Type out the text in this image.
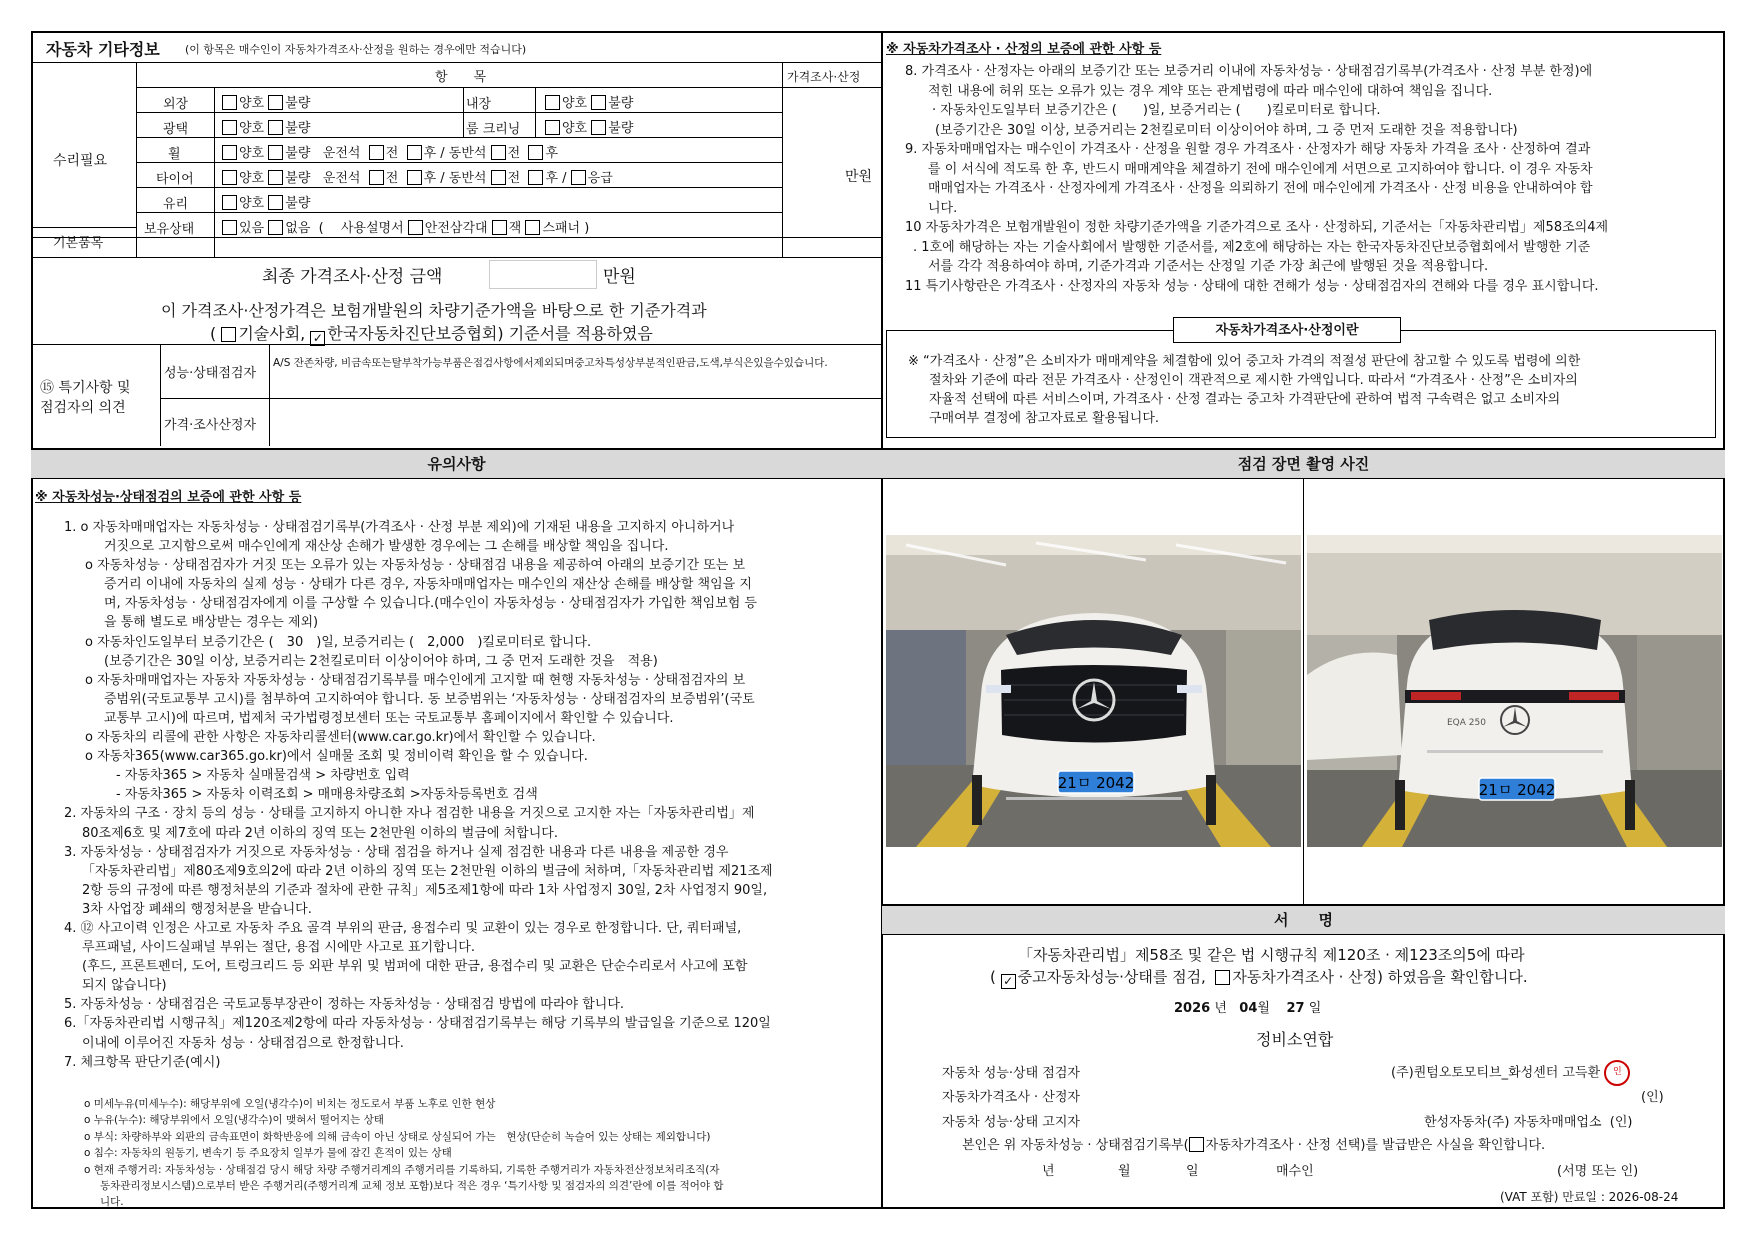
자동차 기타정보 (이 항목은 매수인이 자동차가격조사·산정을 원하는 경우에만 적습니다)
항　　목	가격조사·산정
수리필요
기본품목
외장	양호 불량	내장	양호 불량
광택	양호 불량	룸 크리닝	양호 불량
휠	양호 불량 운전석 전 후 / 동반석 전 후
타이어	양호 불량 운전석 전 후 / 동반석 전 후 / 응급	만원
유리	양호 불량
보유상태	있음 없음 ( 　사용설명서 안전삼각대 잭 스패너 )
최종 가격조사·산정 금액	만원
이 가격조사·산정가격은 보험개발원의 차량기준가액을 바탕으로 한 기준가격과
( 기술사회, ✓ 한국자동차진단보증협회) 기준서를 적용하였음
⑮ 특기사항 및
점검자의 의견
성능·상태점검자
A/S 잔존차량, 비금속또는탈부착가능부품은점검사항에서제외되며중고차특성상부분적인판금,도색,부식은있을수있습니다.
가격·조사산정자
※ 자동차가격조사 · 산정의 보증에 관한 사항 등
8. 가격조사 · 산정자는 아래의 보증기간 또는 보증거리 이내에 자동차성능 · 상태점검기록부(가격조사 · 산정 부분 한정)에
적힌 내용에 허위 또는 오류가 있는 경우 계약 또는 관계법령에 따라 매수인에 대하여 책임을 집니다.
· 자동차인도일부터 보증기간은 (　　)일, 보증거리는 (　　)킬로미터로 합니다.
(보증기간은 30일 이상, 보증거리는 2천킬로미터 이상이어야 하며, 그 중 먼저 도래한 것을 적용합니다)
9. 자동차매매업자는 매수인이 가격조사 · 산정을 원할 경우 가격조사 · 산정자가 해당 자동차 가격을 조사 · 산정하여 결과
를 이 서식에 적도록 한 후, 반드시 매매계약을 체결하기 전에 매수인에게 서면으로 고지하여야 합니다. 이 경우 자동차
매매업자는 가격조사 · 산정자에게 가격조사 · 산정을 의뢰하기 전에 매수인에게 가격조사 · 산정 비용을 안내하여야 합
니다.
10 자동차가격은 보험개발원이 정한 차량기준가액을 기준가격으로 조사 · 산정하되, 기준서는「자동차관리법」제58조의4제
. 1호에 해당하는 자는 기술사회에서 발행한 기준서를, 제2호에 해당하는 자는 한국자동차진단보증협회에서 발행한 기준
서를 각각 적용하여야 하며, 기준가격과 기준서는 산정일 기준 가장 최근에 발행된 것을 적용합니다.
11 특기사항란은 가격조사 · 산정자의 자동차 성능 · 상태에 대한 견해가 성능 · 상태점검자의 견해와 다를 경우 표시합니다.
자동차가격조사·산정이란
※ “가격조사 · 산정”은 소비자가 매매계약을 체결함에 있어 중고차 가격의 적절성 판단에 참고할 수 있도록 법령에 의한
절차와 기준에 따라 전문 가격조사 · 산정인이 객관적으로 제시한 가액입니다. 따라서 “가격조사 · 산정”은 소비자의
자율적 선택에 따른 서비스이며, 가격조사 · 산정 결과는 중고차 가격판단에 관하여 법적 구속력은 없고 소비자의
구매여부 결정에 참고자료로 활용됩니다.
유의사항
※ 자동차성능·상태점검의 보증에 관한 사항 등
1. ο 자동차매매업자는 자동차성능 · 상태점검기록부(가격조사 · 산정 부분 제외)에 기재된 내용을 고지하지 아니하거나
거짓으로 고지함으로써 매수인에게 재산상 손해가 발생한 경우에는 그 손해를 배상할 책임을 집니다.
ο 자동차성능 · 상태점검자가 거짓 또는 오류가 있는 자동차성능 · 상태점검 내용을 제공하여 아래의 보증기간 또는 보
증거리 이내에 자동차의 실제 성능 · 상태가 다른 경우, 자동차매매업자는 매수인의 재산상 손해를 배상할 책임을 지
며, 자동차성능 · 상태점검자에게 이를 구상할 수 있습니다.(매수인이 자동차성능 · 상태점검자가 가입한 책임보험 등
을 통해 별도로 배상받는 경우는 제외)
ο 자동차인도일부터 보증기간은 (　30　)일, 보증거리는 (　2,000　)킬로미터로 합니다.
(보증기간은 30일 이상, 보증거리는 2천킬로미터 이상이어야 하며, 그 중 먼저 도래한 것을　적용)
ο 자동차매매업자는 자동차 자동차성능 · 상태점검기록부를 매수인에게 고지할 때 현행 자동차성능 · 상태점검자의 보
증범위(국토교통부 고시)를 첨부하여 고지하여야 합니다. 동 보증범위는 ‘자동차성능 · 상태점검자의 보증범위’(국토
교통부 고시)에 따르며, 법제처 국가법령정보센터 또는 국토교통부 홈페이지에서 확인할 수 있습니다.
ο 자동차의 리콜에 관한 사항은 자동차리콜센터(www.car.go.kr)에서 확인할 수 있습니다.
ο 자동차365(www.car365.go.kr)에서 실매물 조회 및 정비이력 확인을 할 수 있습니다.
- 자동차365 > 자동차 실매물검색 > 차량번호 입력
- 자동차365 > 자동차 이력조회 > 매매용차량조회 >자동차등록번호 검색
2. 자동차의 구조 · 장치 등의 성능 · 상태를 고지하지 아니한 자나 점검한 내용을 거짓으로 고지한 자는「자동차관리법」제
80조제6호 및 제7호에 따라 2년 이하의 징역 또는 2천만원 이하의 벌금에 처합니다.
3. 자동차성능 · 상태점검자가 거짓으로 자동차성능 · 상태 점검을 하거나 실제 점검한 내용과 다른 내용을 제공한 경우
「자동차관리법」제80조제9호의2에 따라 2년 이하의 징역 또는 2천만원 이하의 벌금에 처하며,「자동차관리법 제21조제
2항 등의 규정에 따른 행정처분의 기준과 절차에 관한 규칙」제5조제1항에 따라 1차 사업정지 30일, 2차 사업정지 90일,
3차 사업장 폐쇄의 행정처분을 받습니다.
4. ⑫ 사고이력 인정은 사고로 자동차 주요 골격 부위의 판금, 용접수리 및 교환이 있는 경우로 한정합니다. 단, 쿼터패널,
루프패널, 사이드실패널 부위는 절단, 용접 시에만 사고로 표기합니다.
(후드, 프론트펜더, 도어, 트렁크리드 등 외판 부위 및 범퍼에 대한 판금, 용접수리 및 교환은 단순수리로서 사고에 포함
되지 않습니다)
5. 자동차성능 · 상태점검은 국토교통부장관이 정하는 자동차성능 · 상태점검 방법에 따라야 합니다.
6.「자동차관리법 시행규칙」제120조제2항에 따라 자동차성능 · 상태점검기록부는 해당 기록부의 발급일을 기준으로 120일
이내에 이루어진 자동차 성능 · 상태점검으로 한정합니다.
7. 체크항목 판단기준(예시)
ο 미세누유(미세누수): 해당부위에 오일(냉각수)이 비치는 정도로서 부품 노후로 인한 현상
ο 누유(누수): 해당부위에서 오일(냉각수)이 맺혀서 떨어지는 상태
ο 부식: 차량하부와 외판의 금속표면이 화학반응에 의해 금속이 아닌 상태로 상실되어 가는　현상(단순히 녹슬어 있는 상태는 제외합니다)
ο 침수: 자동차의 원동기, 변속기 등 주요장치 일부가 물에 잠긴 흔적이 있는 상태
ο 현재 주행거리: 자동차성능 · 상태점검 당시 해당 차량 주행거리계의 주행거리를 기록하되, 기록한 주행거리가 자동차전산정보처리조직(자
동차관리정보시스템)으로부터 받은 주행거리(주행거리계 교체 정보 포함)보다 적은 경우 ‘특기사항 및 점검자의 의견’란에 이를 적어야 합
니다.
점검 장면 촬영 사진
21ㅁ 2042
EQA 250
21ㅁ 2042
서　　명
「자동차관리법」제58조 및 같은 법 시행규칙 제120조 · 제123조의5에 따라
( ✓ 중고자동차성능·상태를 점검, 자동차가격조사 · 산정) 하였음을 확인합니다.
2026 년 04월 27 일
정비소연합
자동차 성능·상태 점검자	(주)퀀텀오토모티브_화성센터 고득환 인
자동차가격조사 · 산정자	(인)
자동차 성능·상태 고지자	한성자동차(주) 자동차매매업소 (인)
본인은 위 자동차성능 · 상태점검기록부( 자동차가격조사 · 산정 선택)를 발급받은 사실을 확인합니다.
년	월	일	매수인	(서명 또는 인)
(VAT 포함) 만료일 : 2026-08-24
